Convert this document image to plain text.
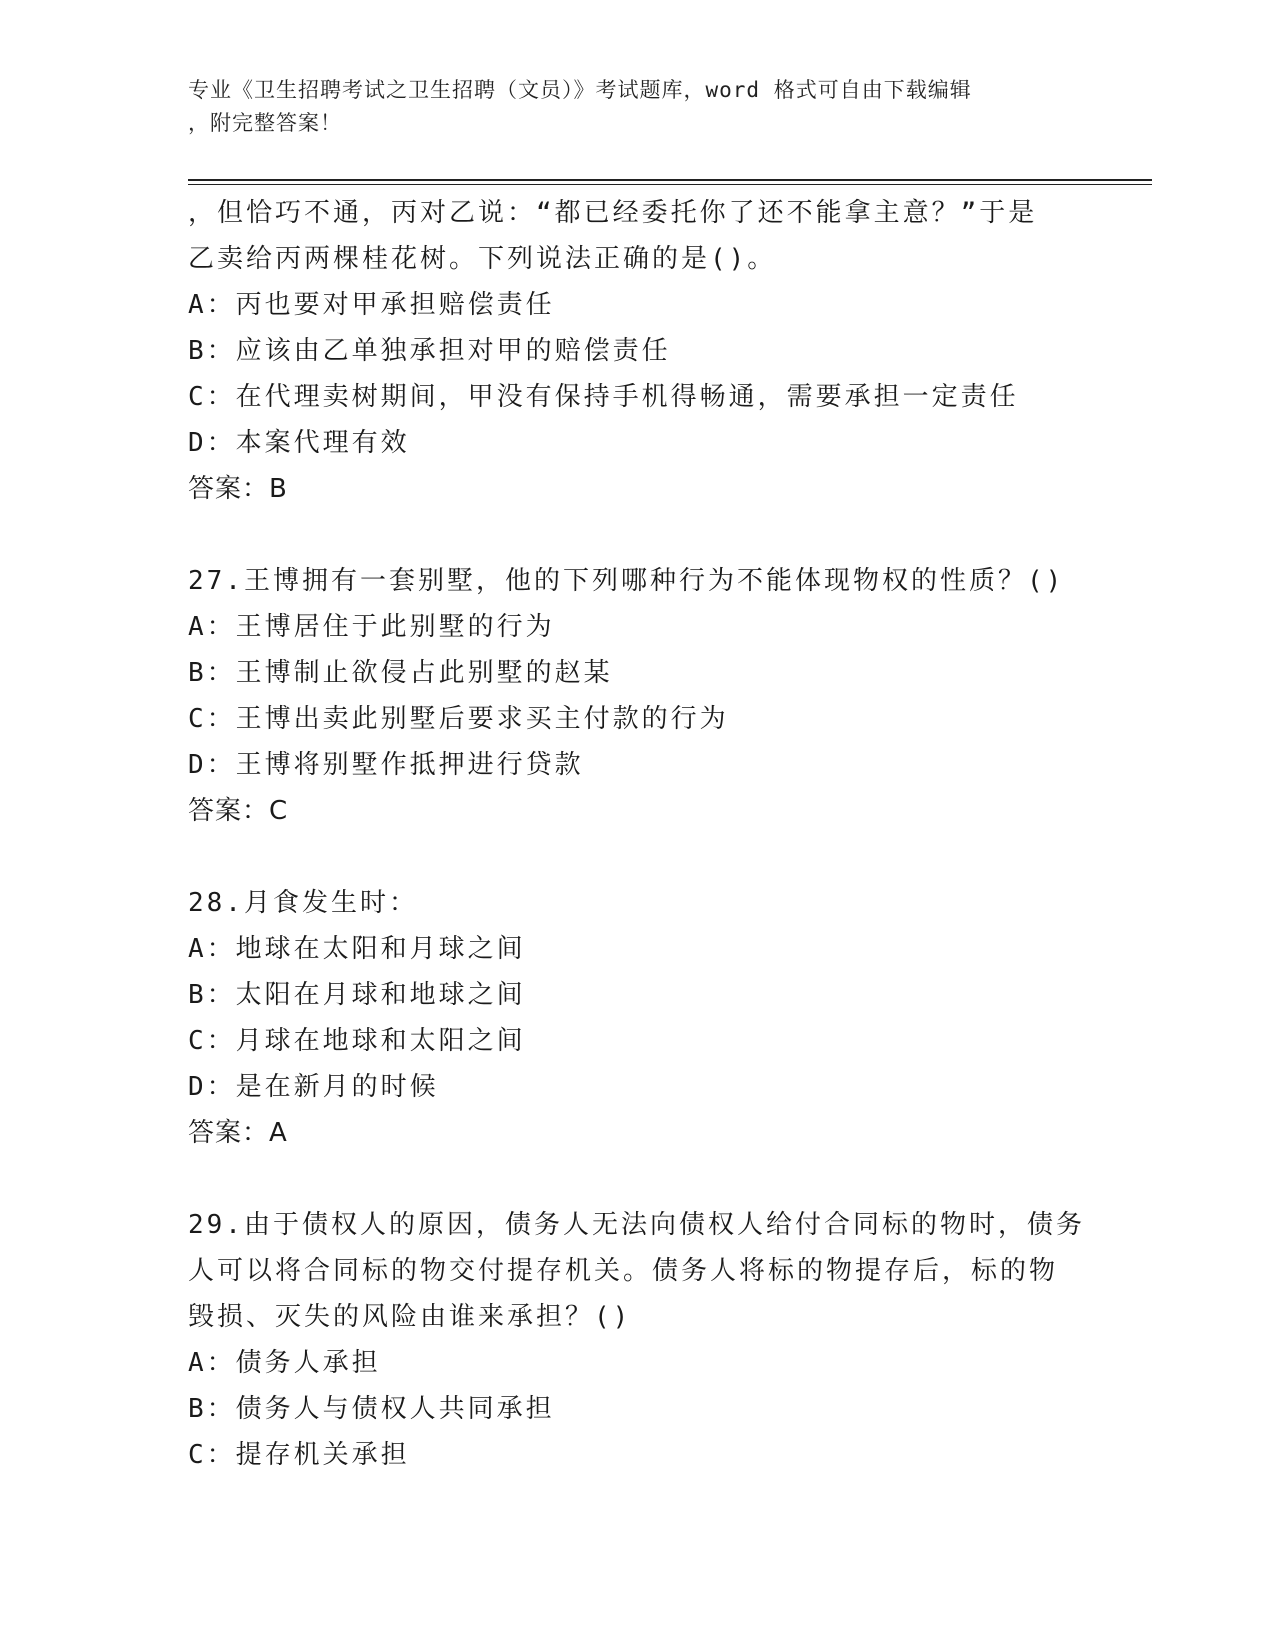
专业《卫生招聘考试之卫生招聘（文员）》考试题库，word 格式可自由下载编辑
，附完整答案！
，但恰巧不通，丙对乙说：“都已经委托你了还不能拿主意？”于是
乙卖给丙两棵桂花树。下列说法正确的是()。
A：丙也要对甲承担赔偿责任
B：应该由乙单独承担对甲的赔偿责任
C：在代理卖树期间，甲没有保持手机得畅通，需要承担一定责任
D：本案代理有效
答案：B
27.王博拥有一套别墅，他的下列哪种行为不能体现物权的性质？()
A：王博居住于此别墅的行为
B：王博制止欲侵占此别墅的赵某
C：王博出卖此别墅后要求买主付款的行为
D：王博将别墅作抵押进行贷款
答案：C
28.月食发生时：
A：地球在太阳和月球之间
B：太阳在月球和地球之间
C：月球在地球和太阳之间
D：是在新月的时候
答案：A
29.由于债权人的原因，债务人无法向债权人给付合同标的物时，债务
人可以将合同标的物交付提存机关。债务人将标的物提存后，标的物
毁损、灭失的风险由谁来承担？()
A：债务人承担
B：债务人与债权人共同承担
C：提存机关承担
